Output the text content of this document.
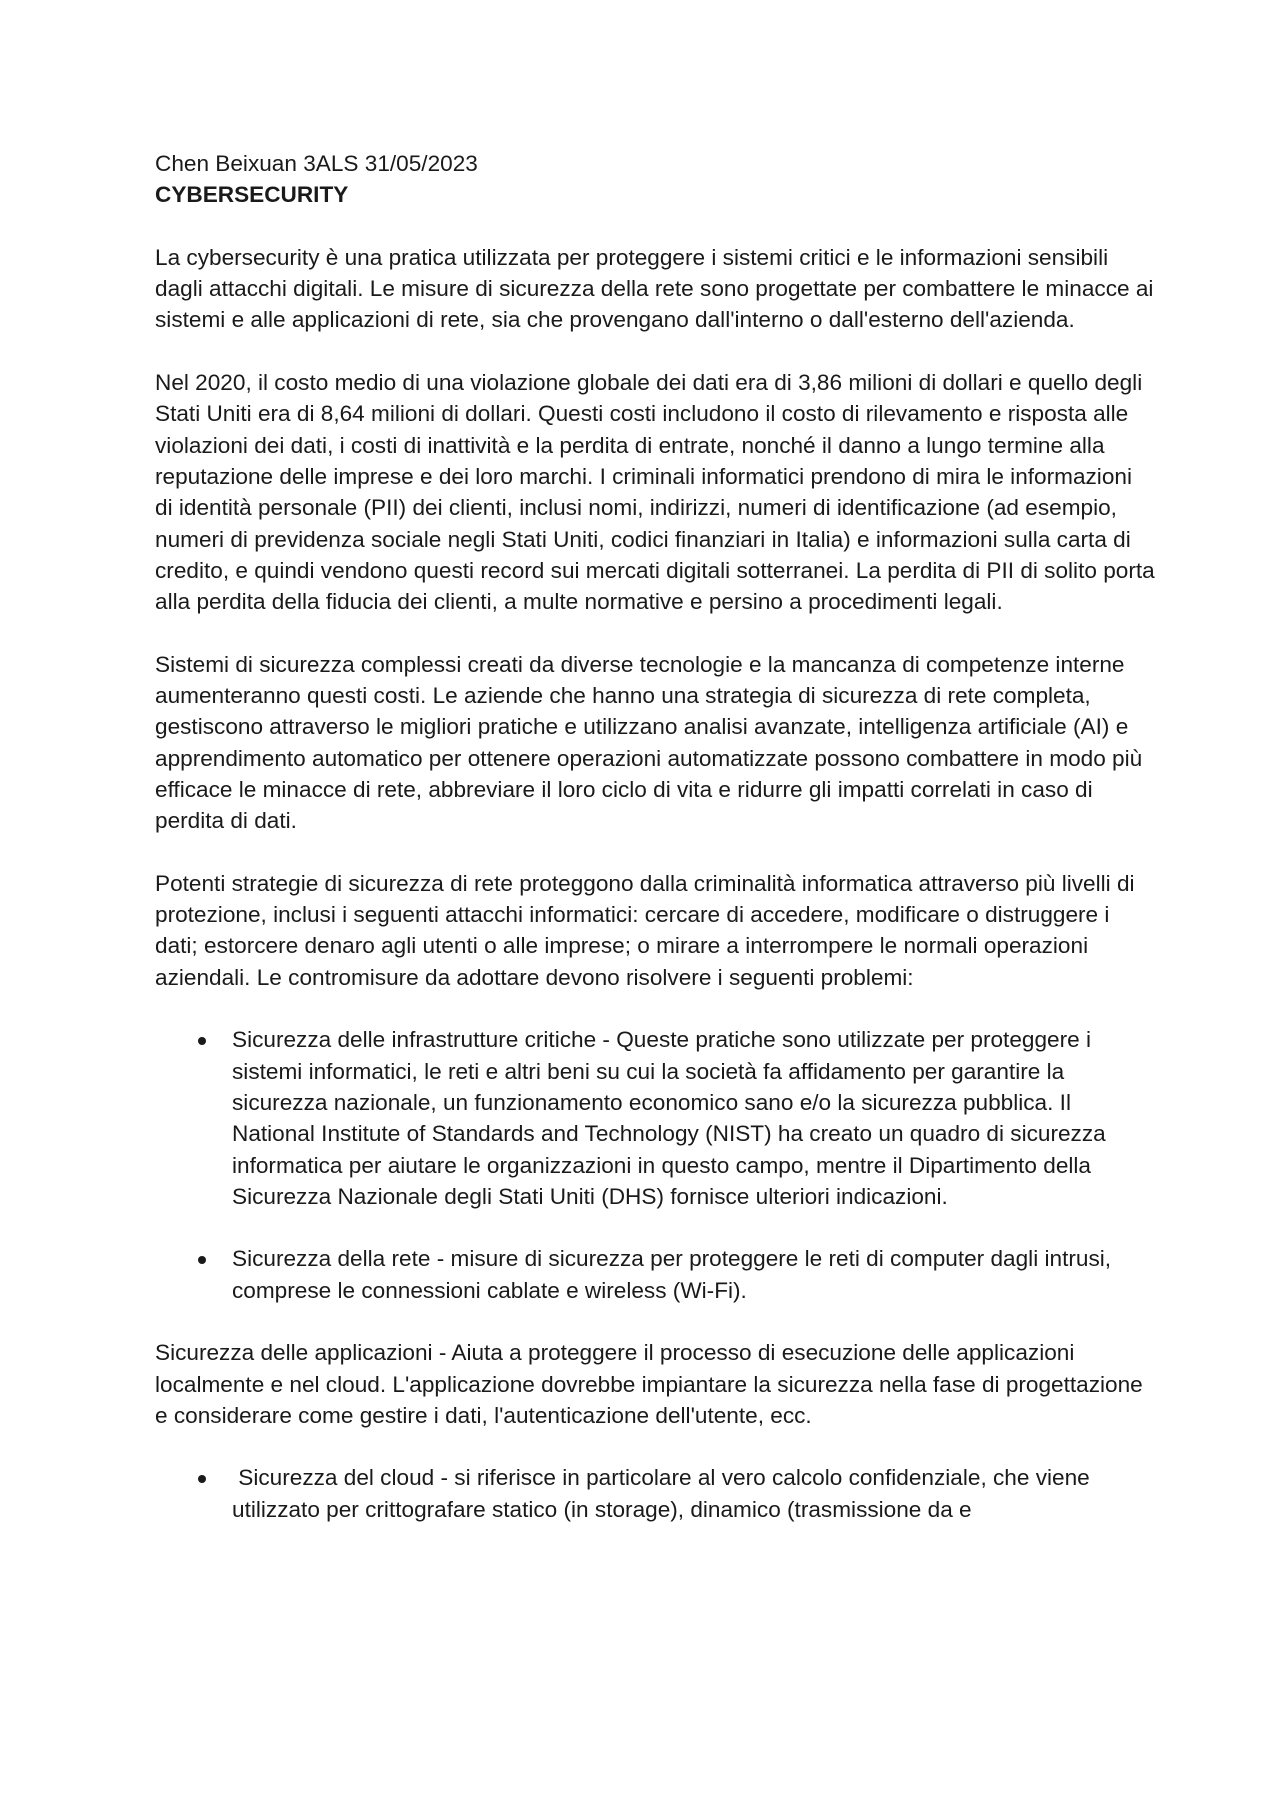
Chen Beixuan 3ALS 31/05/2023

CYBERSECURITY

La cybersecurity è una pratica utilizzata per proteggere i sistemi critici e le informazioni sensibili dagli attacchi digitali. Le misure di sicurezza della rete sono progettate per combattere le minacce ai sistemi e alle applicazioni di rete, sia che provengano dall'interno o dall'esterno dell'azienda.

Nel 2020, il costo medio di una violazione globale dei dati era di 3,86 milioni di dollari e quello degli Stati Uniti era di 8,64 milioni di dollari. Questi costi includono il costo di rilevamento e risposta alle violazioni dei dati, i costi di inattività e la perdita di entrate, nonché il danno a lungo termine alla reputazione delle imprese e dei loro marchi. I criminali informatici prendono di mira le informazioni di identità personale (PII) dei clienti, inclusi nomi, indirizzi, numeri di identificazione (ad esempio, numeri di previdenza sociale negli Stati Uniti, codici finanziari in Italia) e informazioni sulla carta di credito, e quindi vendono questi record sui mercati digitali sotterranei. La perdita di PII di solito porta alla perdita della fiducia dei clienti, a multe normative e persino a procedimenti legali.

Sistemi di sicurezza complessi creati da diverse tecnologie e la mancanza di competenze interne aumenteranno questi costi. Le aziende che hanno una strategia di sicurezza di rete completa, gestiscono attraverso le migliori pratiche e utilizzano analisi avanzate, intelligenza artificiale (AI) e apprendimento automatico per ottenere operazioni automatizzate possono combattere in modo più efficace le minacce di rete, abbreviare il loro ciclo di vita e ridurre gli impatti correlati in caso di perdita di dati.

Potenti strategie di sicurezza di rete proteggono dalla criminalità informatica attraverso più livelli di protezione, inclusi i seguenti attacchi informatici: cercare di accedere, modificare o distruggere i dati; estorcere denaro agli utenti o alle imprese; o mirare a interrompere le normali operazioni aziendali. Le contromisure da adottare devono risolvere i seguenti problemi:

Sicurezza delle infrastrutture critiche - Queste pratiche sono utilizzate per proteggere i sistemi informatici, le reti e altri beni su cui la società fa affidamento per garantire la sicurezza nazionale, un funzionamento economico sano e/o la sicurezza pubblica. Il National Institute of Standards and Technology (NIST) ha creato un quadro di sicurezza informatica per aiutare le organizzazioni in questo campo, mentre il Dipartimento della Sicurezza Nazionale degli Stati Uniti (DHS) fornisce ulteriori indicazioni.
Sicurezza della rete - misure di sicurezza per proteggere le reti di computer dagli intrusi, comprese le connessioni cablate e wireless (Wi-Fi).

Sicurezza delle applicazioni - Aiuta a proteggere il processo di esecuzione delle applicazioni localmente e nel cloud. L'applicazione dovrebbe impiantare la sicurezza nella fase di progettazione e considerare come gestire i dati, l'autenticazione dell'utente, ecc.

Sicurezza del cloud - si riferisce in particolare al vero calcolo confidenziale, che viene utilizzato per crittografare statico (in storage), dinamico (trasmissione da e
